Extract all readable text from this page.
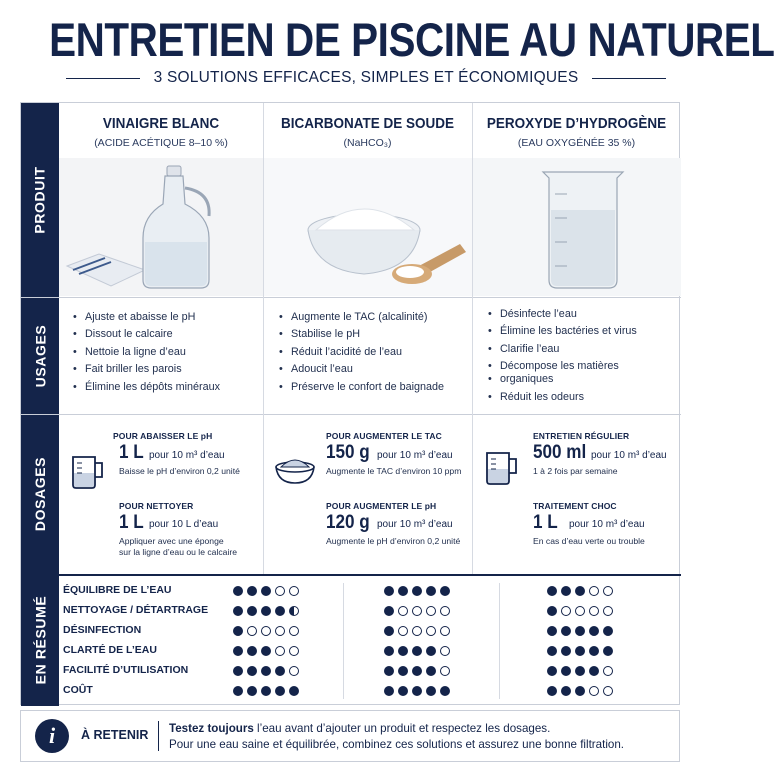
ENTRETIEN DE PISCINE AU NATUREL
3 SOLUTIONS EFFICACES, SIMPLES ET ÉCONOMIQUES
PRODUIT
USAGES
DOSAGES
EN RÉSUMÉ
VINAIGRE BLANC
(ACIDE ACÉTIQUE 8–10 %)
BICARBONATE DE SOUDE
(NaHCO₃)
PEROXYDE D’HYDROGÈNE
(EAU OXYGÉNÉE 35 %)
• Ajuste et abaisse le pH
• Dissout le calcaire
• Nettoie la ligne d’eau
• Fait briller les parois
• Élimine les dépôts minéraux
• Augmente le TAC (alcalinité)
• Stabilise le pH
• Réduit l’acidité de l’eau
• Adoucit l’eau
• Préserve le confort de baignade
• Désinfecte l’eau
• Élimine les bactéries et virus
• Clarifie l’eau
• Décompose les matières
• organiques
• Réduit les odeurs
POUR ABAISSER LE pH
1 L pour 10 m³ d’eau
Baisse le pH d’environ 0,2 unité
POUR NETTOYER
1 L pour 10 L d’eau
Appliquer avec une éponge
sur la ligne d’eau ou le calcaire
POUR AUGMENTER LE TAC
150 g pour 10 m³ d’eau
Augmente le TAC d’environ 10 ppm
POUR AUGMENTER LE pH
120 g pour 10 m³ d’eau
Augmente le pH d’environ 0,2 unité
ENTRETIEN RÉGULIER
500 ml pour 10 m³ d’eau
1 à 2 fois par semaine
TRAITEMENT CHOC
1 L pour 10 m³ d’eau
En cas d’eau verte ou trouble
ÉQUILIBRE DE L’EAU
NETTOYAGE / DÉTARTRAGE
DÉSINFECTION
CLARTÉ DE L’EAU
FACILITÉ D’UTILISATION
COÛT
i	À RETENIR Testez toujours l’eau avant d’ajouter un produit et respectez les dosages.
Pour une eau saine et équilibrée, combinez ces solutions et assurez une bonne filtration.
